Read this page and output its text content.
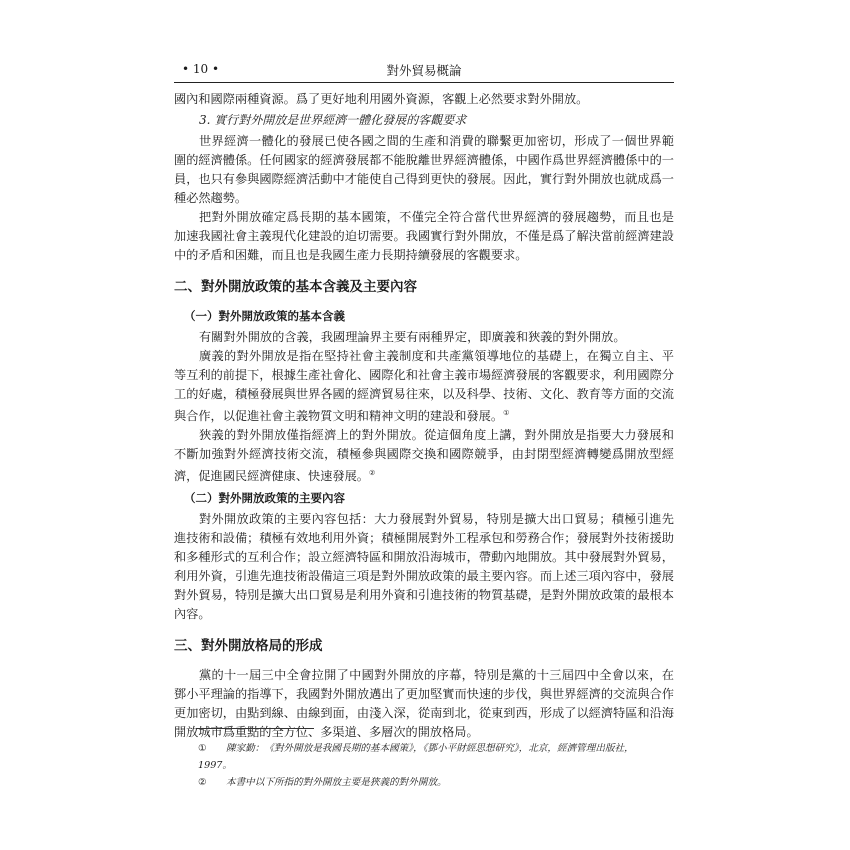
• 10 •	對外貿易概論

國內和國際兩種資源。爲了更好地利用國外資源，客觀上必然要求對外開放。

3. 實行對外開放是世界經濟一體化發展的客觀要求

世界經濟一體化的發展已使各國之間的生產和消費的聯繫更加密切，形成了一個世界範圍的經濟體係。任何國家的經濟發展都不能脫離世界經濟體係，中國作爲世界經濟體係中的一員，也只有參與國際經濟活動中才能使自己得到更快的發展。因此，實行對外開放也就成爲一種必然趨勢。

把對外開放確定爲長期的基本國策，不僅完全符合當代世界經濟的發展趨勢，而且也是加速我國社會主義現代化建設的迫切需要。我國實行對外開放，不僅是爲了解決當前經濟建設中的矛盾和困難，而且也是我國生產力長期持續發展的客觀要求。

二、對外開放政策的基本含義及主要內容
（一）對外開放政策的基本含義

有關對外開放的含義，我國理論界主要有兩種界定，即廣義和狹義的對外開放。

廣義的對外開放是指在堅持社會主義制度和共產黨領導地位的基礎上，在獨立自主、平等互利的前提下，根據生產社會化、國際化和社會主義市場經濟發展的客觀要求，利用國際分工的好處，積極發展與世界各國的經濟貿易往來，以及科學、技術、文化、教育等方面的交流與合作，以促進社會主義物質文明和精神文明的建設和發展。①

狹義的對外開放僅指經濟上的對外開放。從這個角度上講，對外開放是指要大力發展和不斷加強對外經濟技術交流，積極參與國際交換和國際競爭，由封閉型經濟轉變爲開放型經濟，促進國民經濟健康、快速發展。②

（二）對外開放政策的主要內容

對外開放政策的主要內容包括：大力發展對外貿易，特別是擴大出口貿易；積極引進先進技術和設備；積極有效地利用外資；積極開展對外工程承包和勞務合作；發展對外技術援助和多種形式的互利合作；設立經濟特區和開放沿海城市，帶動內地開放。其中發展對外貿易，利用外資，引進先進技術設備這三項是對外開放政策的最主要內容。而上述三項內容中，發展對外貿易，特別是擴大出口貿易是利用外資和引進技術的物質基礎，是對外開放政策的最根本內容。

三、對外開放格局的形成

黨的十一屆三中全會拉開了中國對外開放的序幕，特別是黨的十三屆四中全會以來，在鄧小平理論的指導下，我國對外開放邁出了更加堅實而快速的步伐，與世界經濟的交流與合作更加密切，由點到線、由線到面，由淺入深，從南到北，從東到西，形成了以經濟特區和沿海開放城市爲重點的全方位、多渠道、多層次的開放格局。

① 陳家勤：《對外開放是我國長期的基本國策》，《鄧小平財經思想研究》，北京，經濟管理出版社，
1997。
② 本書中以下所指的對外開放主要是狹義的對外開放。
